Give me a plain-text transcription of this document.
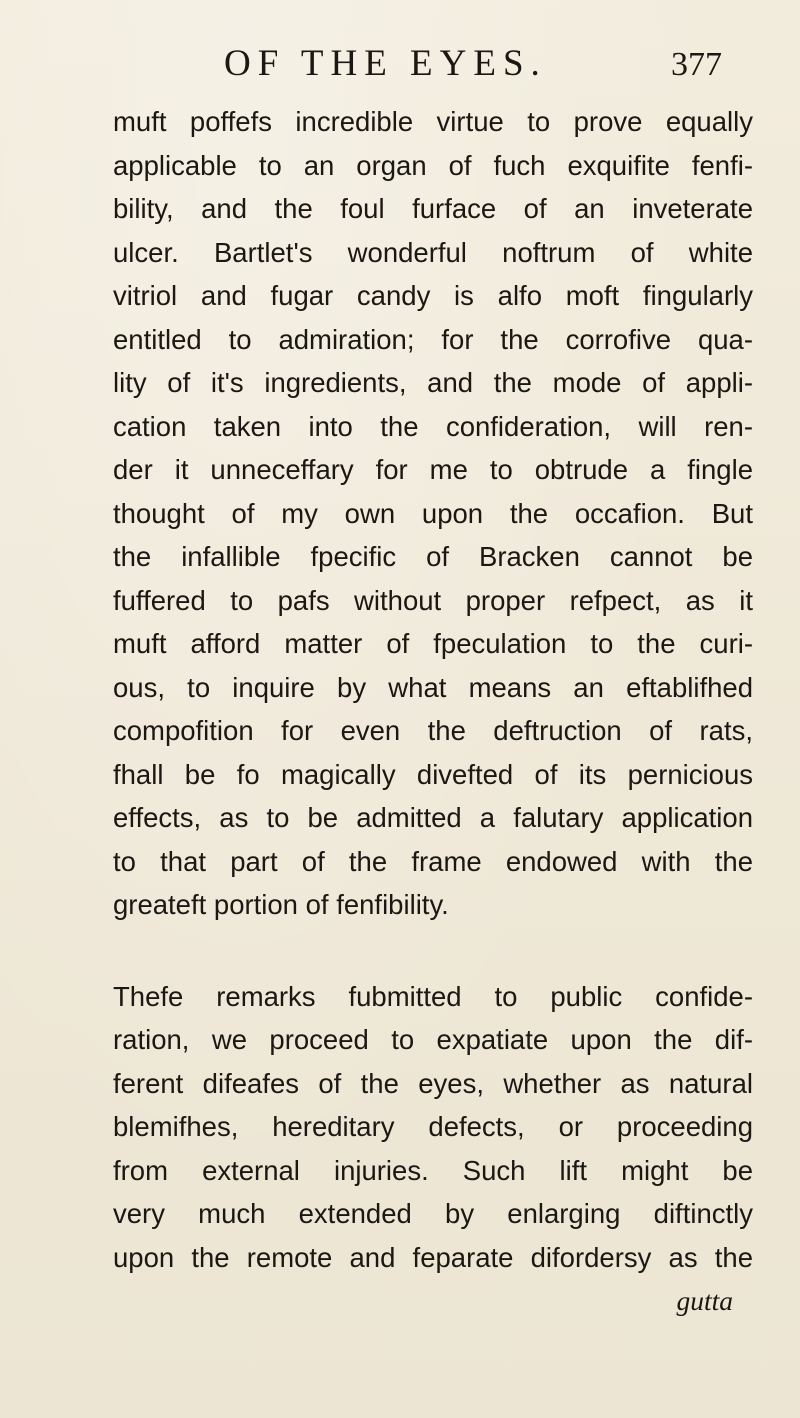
OF THE EYES.	377
muft poffefs incredible virtue to prove equally
applicable to an organ of fuch exquifite fenfi-
bility, and the foul furface of an inveterate
ulcer. Bartlet's wonderful noftrum of white
vitriol and fugar candy is alfo moft fingularly
entitled to admiration; for the corrofive qua-
lity of it's ingredients, and the mode of appli-
cation taken into the confideration, will ren-
der it unneceffary for me to obtrude a fingle
thought of my own upon the occafion. But
the infallible fpecific of Bracken cannot be
fuffered to pafs without proper refpect, as it
muft afford matter of fpeculation to the curi-
ous, to inquire by what means an eftablifhed
compofition for even the deftruction of rats,
fhall be fo magically divefted of its pernicious
effects, as to be admitted a falutary application
to that part of the frame endowed with the
greateft portion of fenfibility.
Thefe remarks fubmitted to public confide-
ration, we proceed to expatiate upon the dif-
ferent difeafes of the eyes, whether as natural
blemifhes, hereditary defects, or proceeding
from external injuries. Such lift might be
very much extended by enlarging diftinctly
upon the remote and feparate difordersy as the
gutta
